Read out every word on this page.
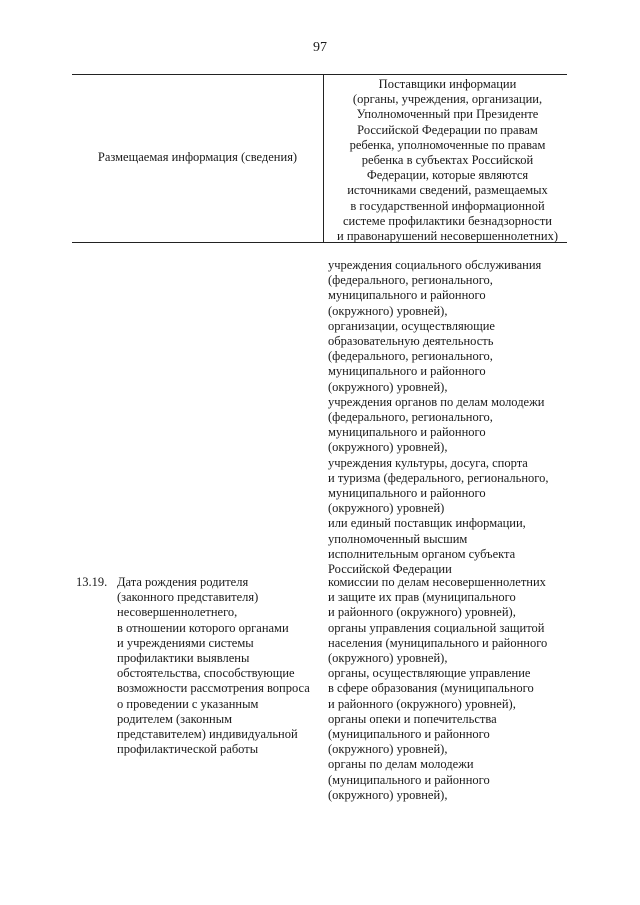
97
Размещаемая информация (сведения)
Поставщики информации
(органы, учреждения, организации,
Уполномоченный при Президенте
Российской Федерации по правам
ребенка, уполномоченные по правам
ребенка в субъектах Российской
Федерации, которые являются
источниками сведений, размещаемых
в государственной информационной
системе профилактики безнадзорности
и правонарушений несовершеннолетних)
учреждения социального обслуживания
(федерального, регионального,
муниципального и районного
(окружного) уровней),
организации, осуществляющие
образовательную деятельность
(федерального, регионального,
муниципального и районного
(окружного) уровней),
учреждения органов по делам молодежи
(федерального, регионального,
муниципального и районного
(окружного) уровней),
учреждения культуры, досуга, спорта
и туризма (федерального, регионального,
муниципального и районного
(окружного) уровней)
или единый поставщик информации,
уполномоченный высшим
исполнительным органом субъекта
Российской Федерации
13.19. Дата рождения родителя
(законного представителя)
несовершеннолетнего,
в отношении которого органами
и учреждениями системы
профилактики выявлены
обстоятельства, способствующие
возможности рассмотрения вопроса
о проведении с указанным
родителем (законным
представителем) индивидуальной
профилактической работы
комиссии по делам несовершеннолетних
и защите их прав (муниципального
и районного (окружного) уровней),
органы управления социальной защитой
населения (муниципального и районного
(окружного) уровней),
органы, осуществляющие управление
в сфере образования (муниципального
и районного (окружного) уровней),
органы опеки и попечительства
(муниципального и районного
(окружного) уровней),
органы по делам молодежи
(муниципального и районного
(окружного) уровней),
